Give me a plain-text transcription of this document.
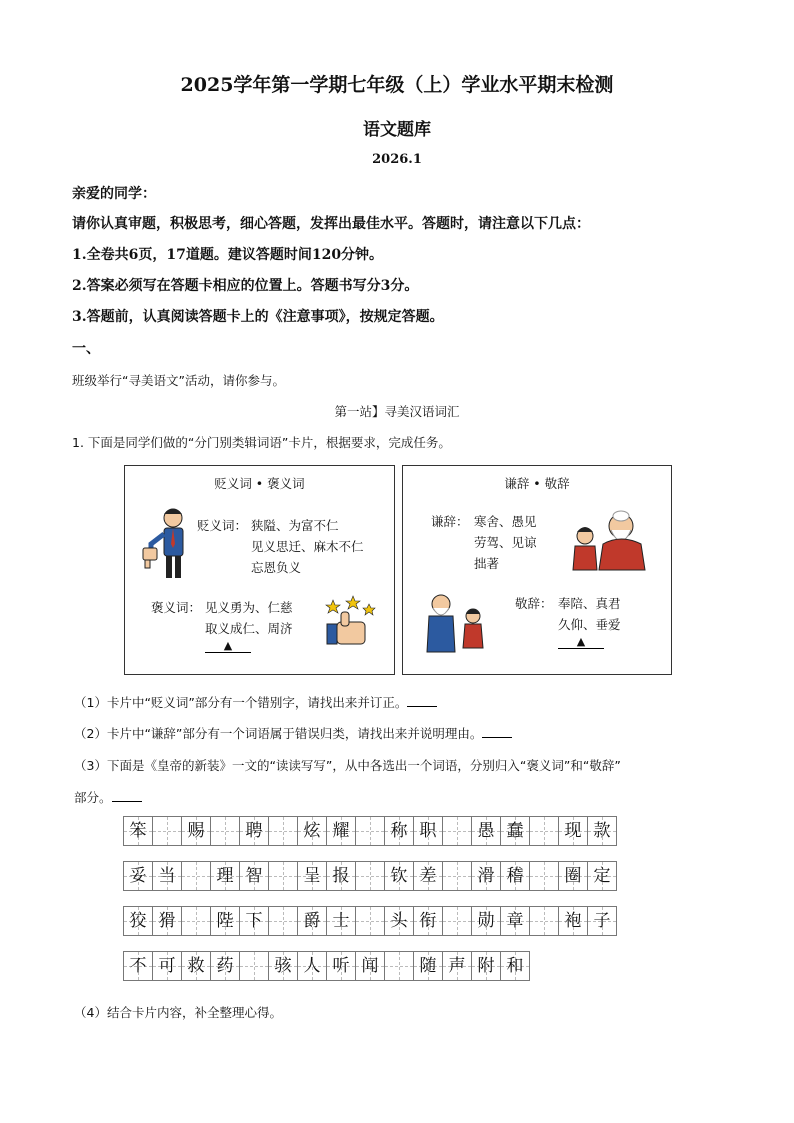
2025学年第一学期七年级（上）学业水平期末检测
语文题库
2026.1
亲爱的同学：
请你认真审题，积极思考，细心答题，发挥出最佳水平。答题时，请注意以下几点：
1.全卷共6页，17道题。建议答题时间120分钟。
2.答案必须写在答题卡相应的位置上。答题书写分3分。
3.答题前，认真阅读答题卡上的《注意事项》，按规定答题。
一、
班级举行“寻美语文”活动，请你参与。
第一站】寻美汉语词汇
1. 下面是同学们做的“分门别类辑词语”卡片，根据要求，完成任务。
贬义词 • 褒义词
贬义词： 狭隘、为富不仁
见义思迁、麻木不仁
忘恩负义
褒义词： 见义勇为、仁慈
取义成仁、周济
▲
谦辞 • 敬辞
谦辞： 寒舍、愚见
劳驾、见谅
拙著
敬辞： 奉陪、真君
久仰、垂爱
▲
（1）卡片中“贬义词”部分有一个错别字，请找出来并订正。
（2）卡片中“谦辞”部分有一个词语属于错误归类，请找出来并说明理由。
（3）下面是《皇帝的新装》一文的“读读写写”，从中各选出一个词语，分别归入“褒义词”和“敬辞”
部分。
笨	赐	聘	炫 耀	称 职	愚 蠢	现 款
妥 当	理 智	呈 报	钦 差	滑 稽	圈 定
狡 猾	陛 下	爵 士	头 衔	勋 章	袍 子
不 可 救 药	骇 人 听 闻	随 声 附 和
（4）结合卡片内容，补全整理心得。
